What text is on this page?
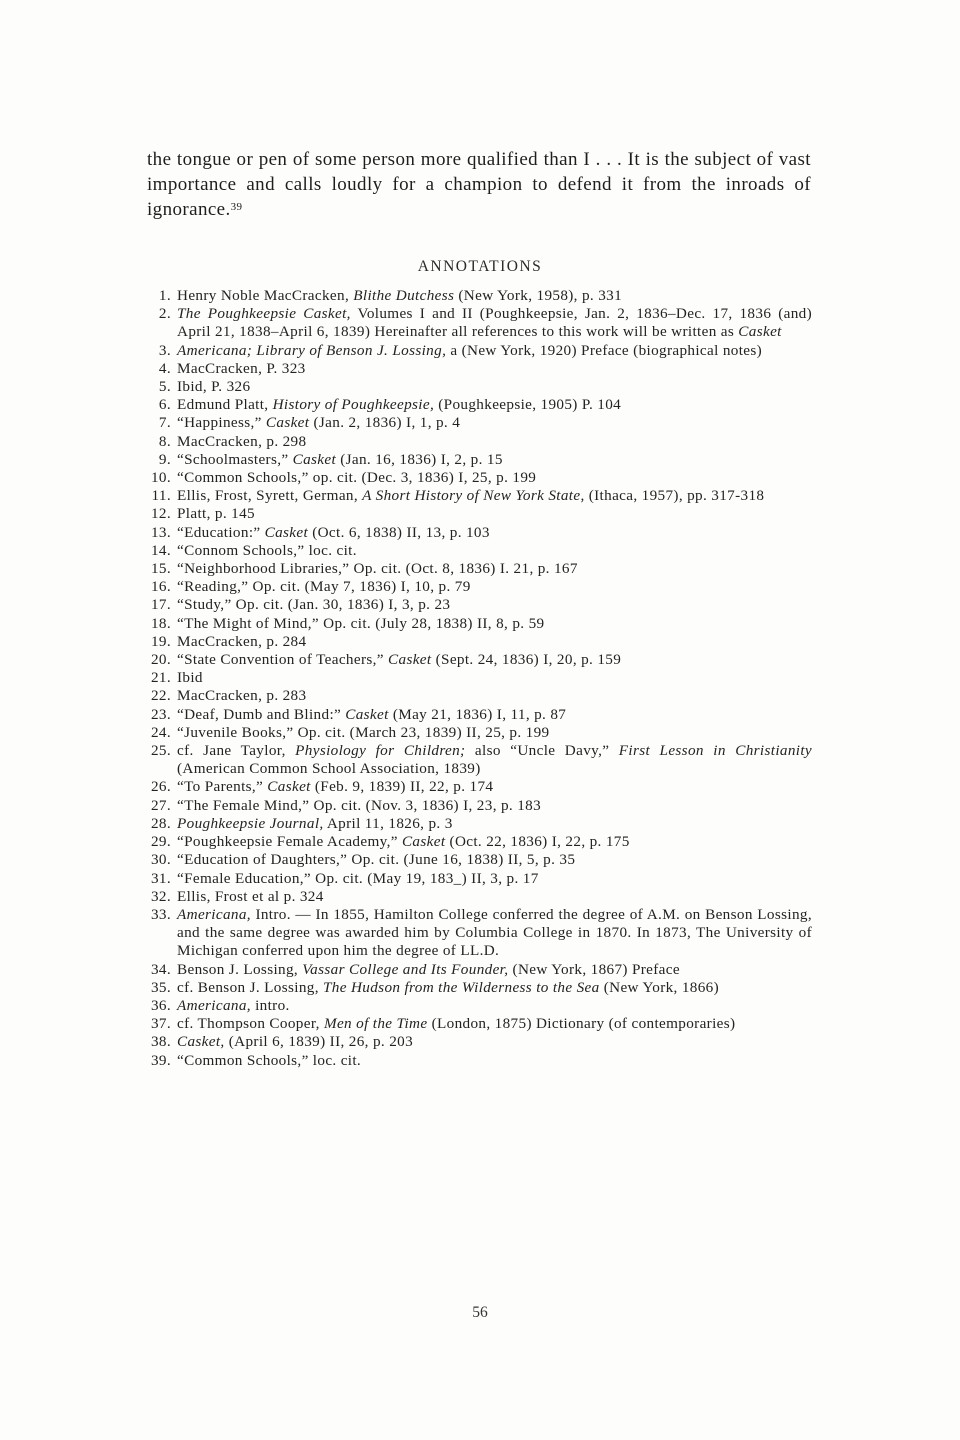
the tongue or pen of some person more qualified than I . . . It is the subject of vast importance and calls loudly for a champion to defend it from the inroads of ignorance.$^{39}$

ANNOTATIONS
1. Henry Noble MacCracken, Blithe Dutchess (New York, 1958), p. 331
2. The Poughkeepsie Casket, Volumes I and II (Poughkeepsie, Jan. 2, 1836–Dec. 17, 1836 (and) April 21, 1838–April 6, 1839) Hereinafter all references to this work will be written as Casket
3. Americana; Library of Benson J. Lossing, a (New York, 1920) Preface (biographical notes)
4. MacCracken, P. 323
5. Ibid, P. 326
6. Edmund Platt, History of Poughkeepsie, (Poughkeepsie, 1905) P. 104
7. “Happiness,” Casket (Jan. 2, 1836) I, 1, p. 4
8. MacCracken, p. 298
9. “Schoolmasters,” Casket (Jan. 16, 1836) I, 2, p. 15
10. “Common Schools,” op. cit. (Dec. 3, 1836) I, 25, p. 199
11. Ellis, Frost, Syrett, German, A Short History of New York State, (Ithaca, 1957), pp. 317-318
12. Platt, p. 145
13. “Education:” Casket (Oct. 6, 1838) II, 13, p. 103
14. “Connom Schools,” loc. cit.
15. “Neighborhood Libraries,” Op. cit. (Oct. 8, 1836) I. 21, p. 167
16. “Reading,” Op. cit. (May 7, 1836) I, 10, p. 79
17. “Study,” Op. cit. (Jan. 30, 1836) I, 3, p. 23
18. “The Might of Mind,” Op. cit. (July 28, 1838) II, 8, p. 59
19. MacCracken, p. 284
20. “State Convention of Teachers,” Casket (Sept. 24, 1836) I, 20, p. 159
21. Ibid
22. MacCracken, p. 283
23. “Deaf, Dumb and Blind:” Casket (May 21, 1836) I, 11, p. 87
24. “Juvenile Books,” Op. cit. (March 23, 1839) II, 25, p. 199
25. cf. Jane Taylor, Physiology for Children; also “Uncle Davy,” First Lesson in Christianity (American Common School Association, 1839)
26. “To Parents,” Casket (Feb. 9, 1839) II, 22, p. 174
27. “The Female Mind,” Op. cit. (Nov. 3, 1836) I, 23, p. 183
28. Poughkeepsie Journal, April 11, 1826, p. 3
29. “Poughkeepsie Female Academy,” Casket (Oct. 22, 1836) I, 22, p. 175
30. “Education of Daughters,” Op. cit. (June 16, 1838) II, 5, p. 35
31. “Female Education,” Op. cit. (May 19, 183_) II, 3, p. 17
32. Ellis, Frost et al p. 324
33. Americana, Intro. — In 1855, Hamilton College conferred the degree of A.M. on Benson Lossing, and the same degree was awarded him by Columbia College in 1870. In 1873, The University of Michigan conferred upon him the degree of LL.D.
34. Benson J. Lossing, Vassar College and Its Founder, (New York, 1867) Preface
35. cf. Benson J. Lossing, The Hudson from the Wilderness to the Sea (New York, 1866)
36. Americana, intro.
37. cf. Thompson Cooper, Men of the Time (London, 1875) Dictionary (of contemporaries)
38. Casket, (April 6, 1839) II, 26, p. 203
39. “Common Schools,” loc. cit.
56
